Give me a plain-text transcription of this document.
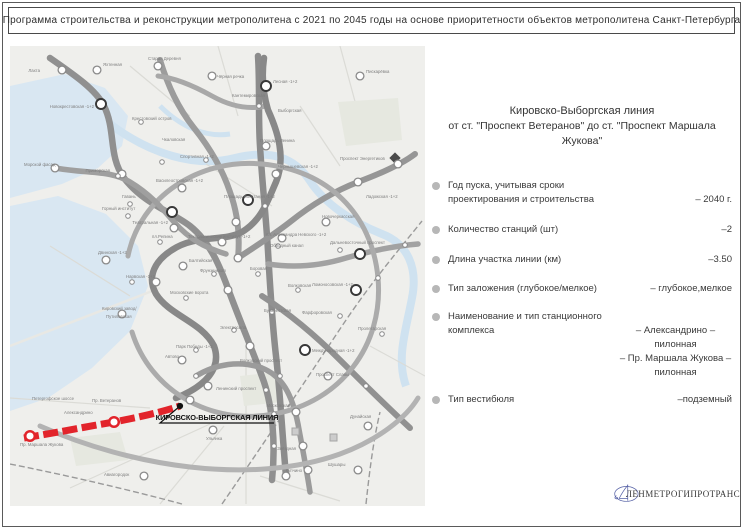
Программа строительства и реконструкции метрополитена с 2021 по 2045 годы на основе приоритетности объектов метрополитена Санкт-Петербурга
Лахта
Яхтенная
Старая Деревня
Чёрная речка
Лесная -1+2
Кантемировская
Выборгская
Пискарёвка
Новокрестовская -1+2
Крестовский остров
Чкаловская
Спортивная -1+2
Приморская
Морской фасад
Гавань
Горный институт
Василеостровская -1+2
Площадь Ленина
Чернышевская -1+2
Площадь Восстания -1+2
Проспект Энергетиков
Ладожская -1+2
Новочеркасская
пл. Александра Невского -1+2
Дальневосточный проспект
Театральная -1+2
пл.Репина
Двинская -1+2
Нарвская -1+2
Балтийская
Технологический институт -1+2
Обводный канал
Фрунзенская	Боровая
Волковская
Московские ворота
Электросила
Бухарестская
Парк Победы -1+2
Кировский завод/
Путиловская
Автово
Ленинский проспект
Московская
Звёздная
Купчино
Ульянка
Волковский проспект
Международная -1+2
Проспект Славы
Дунайская
Шушары
Ломоносовская -1+2
Фарфоровская
Пролетарская
Авиагородок
Петергофское шоссе	Пр. Ветеранов
Александрино
Пр. Маршала Жукова
КИРОВСКО-ВЫБОРГСКАЯ ЛИНИЯ
Кировско-Выборгская линия
от ст. "Проспект Ветеранов" до ст. "Проспект Маршала Жукова"
Год пуска, учитывая сроки проектирования и строительства	– 2040 г.
Количество станций (шт)	–2
Длина участка линии (км)	–3.50
Тип заложения (глубокое/мелкое)	– глубокое,мелкое
Наименование и тип станционного комплекса	– Александрино – пилонная
– Пр. Маршала Жукова –
пилонная
Тип вестибюля	–подземный
ЛЕНМЕТРОГИПРОТРАНС
